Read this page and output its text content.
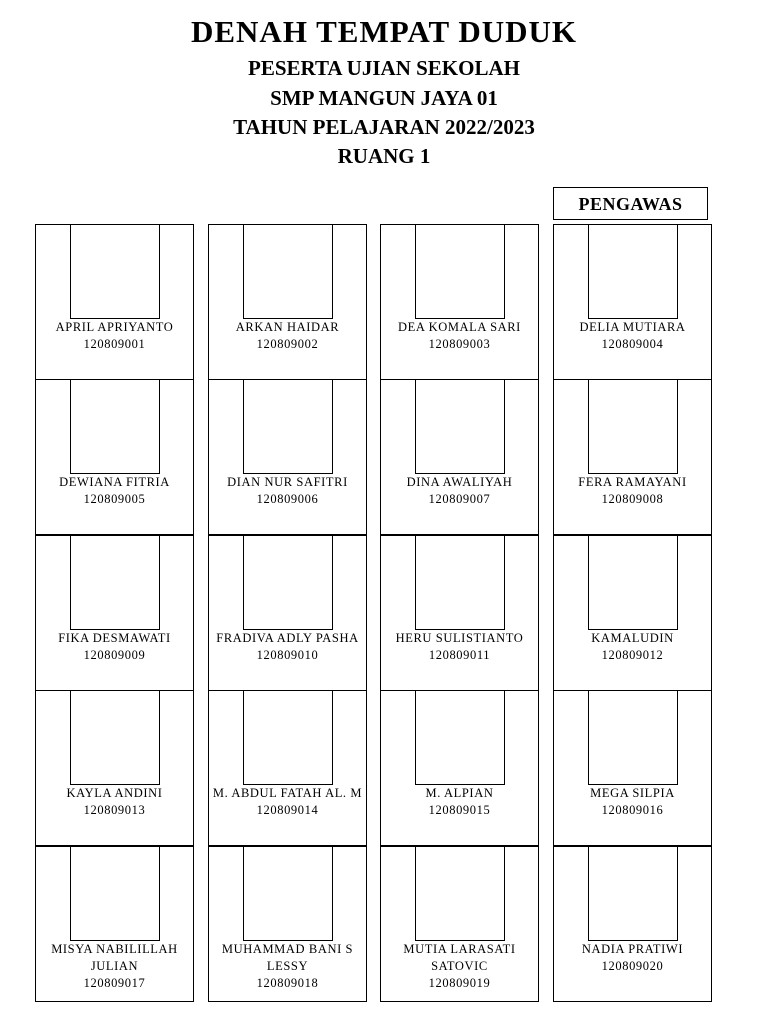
DENAH TEMPAT DUDUK
PESERTA UJIAN SEKOLAH
SMP MANGUN JAYA 01
TAHUN PELAJARAN 2022/2023
RUANG 1
PENGAWAS
APRIL APRIYANTO
120809001
ARKAN HAIDAR
120809002
DEA KOMALA SARI
120809003
DELIA MUTIARA
120809004
DEWIANA FITRIA
120809005
DIAN NUR SAFITRI
120809006
DINA AWALIYAH
120809007
FERA RAMAYANI
120809008
FIKA DESMAWATI
120809009
FRADIVA ADLY PASHA
120809010
HERU SULISTIANTO
120809011
KAMALUDIN
120809012
KAYLA ANDINI
120809013
M. ABDUL FATAH AL. M
120809014
M. ALPIAN
120809015
MEGA SILPIA
120809016
MISYA NABILILLAH JULIAN
120809017
MUHAMMAD BANI S LESSY
120809018
MUTIA LARASATI SATOVIC
120809019
NADIA PRATIWI
120809020
